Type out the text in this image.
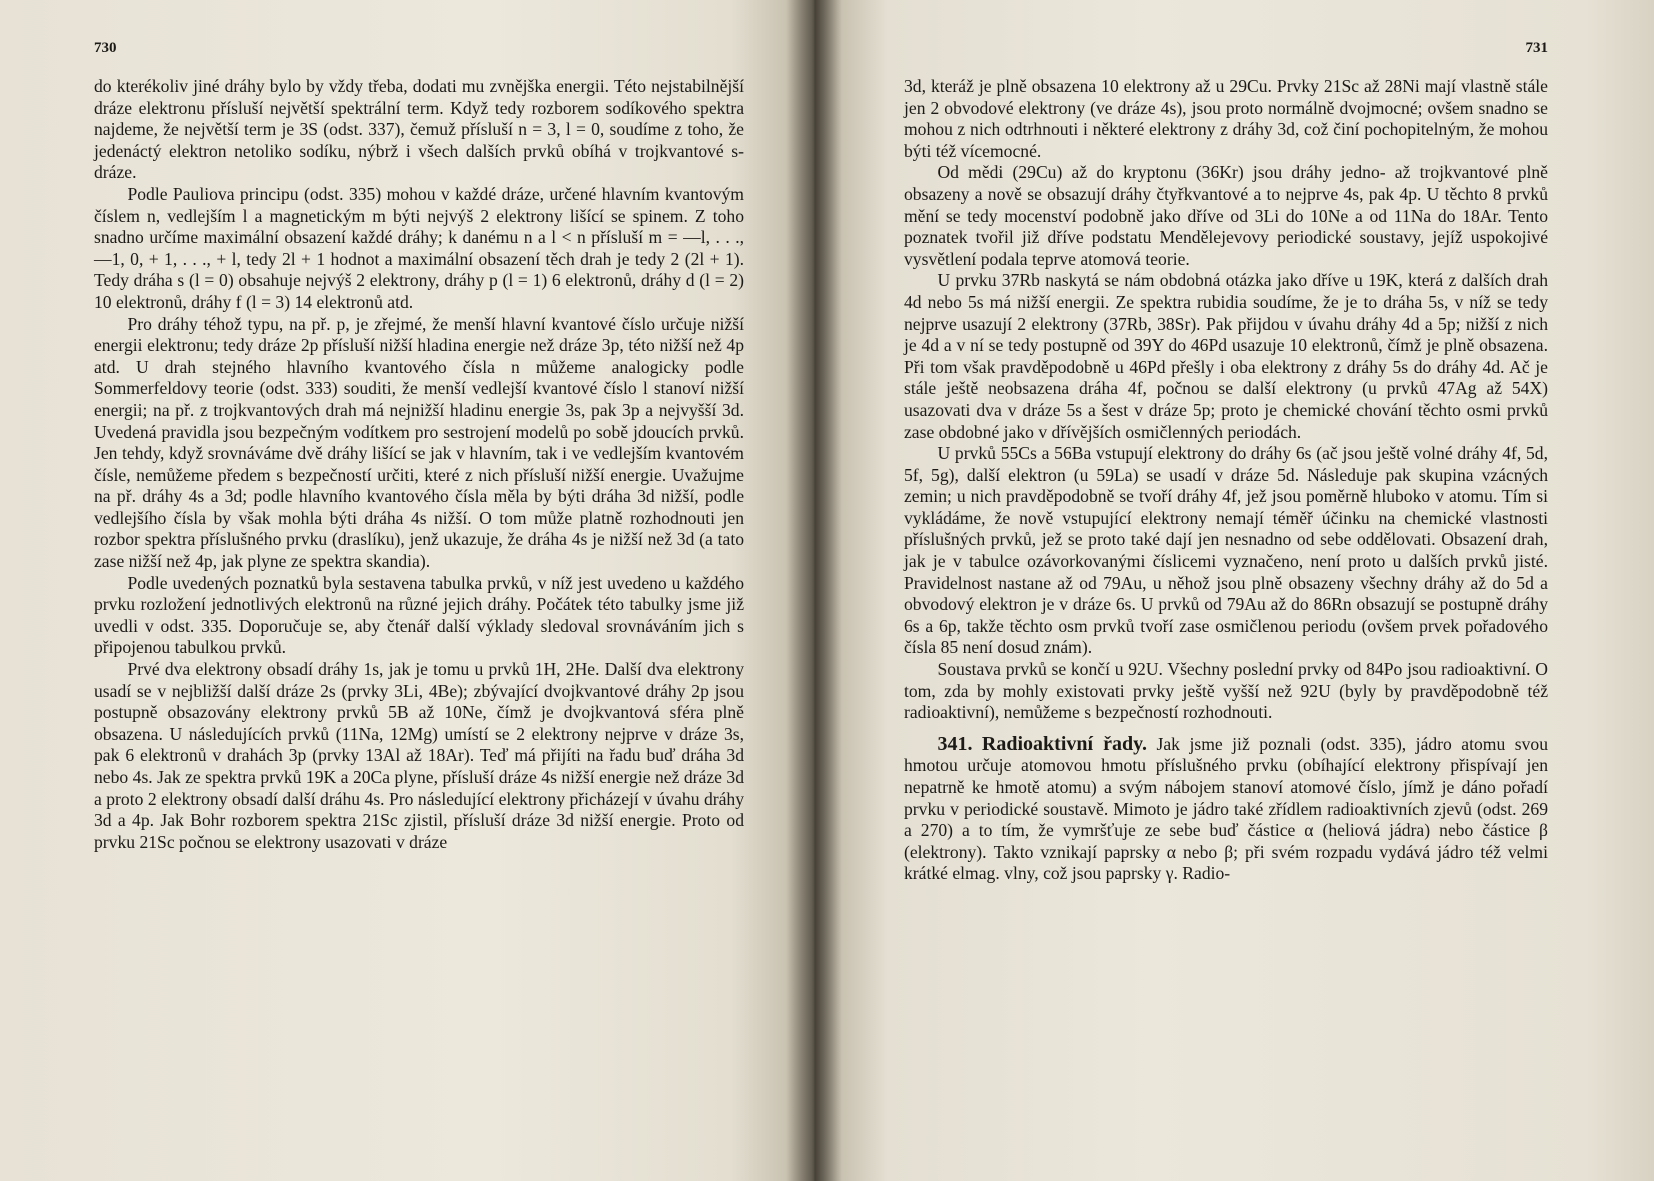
730

do kterékoliv jiné dráhy bylo by vždy třeba, dodati mu zvnějška energii. Této nejstabilnější dráze elektronu přísluší největší spektrální term. Když tedy rozborem sodíkového spektra najdeme, že největší term je 3S (odst. 337), čemuž přísluší n = 3, l = 0, soudíme z toho, že jedenáctý elektron netoliko sodíku, nýbrž i všech dalších prvků obíhá v trojkvantové s-dráze.

Podle Pauliova principu (odst. 335) mohou v každé dráze, určené hlavním kvantovým číslem n, vedlejším l a magnetickým m býti nejvýš 2 elektrony lišící se spinem. Z toho snadno určíme maximální obsazení každé dráhy; k danému n a l < n přísluší m = —l, . . ., —1, 0, + 1, . . ., + l, tedy 2l + 1 hodnot a maximální obsazení těch drah je tedy 2 (2l + 1). Tedy dráha s (l = 0) obsahuje nejvýš 2 elektrony, dráhy p (l = 1) 6 elektronů, dráhy d (l = 2) 10 elektronů, dráhy f (l = 3) 14 elektronů atd.

Pro dráhy téhož typu, na př. p, je zřejmé, že menší hlavní kvantové číslo určuje nižší energii elektronu; tedy dráze 2p přísluší nižší hladina energie než dráze 3p, této nižší než 4p atd. U drah stejného hlavního kvantového čísla n můžeme analogicky podle Sommerfeldovy teorie (odst. 333) souditi, že menší vedlejší kvantové číslo l stanoví nižší energii; na př. z trojkvantových drah má nejnižší hladinu energie 3s, pak 3p a nejvyšší 3d. Uvedená pravidla jsou bezpečným vodítkem pro sestrojení modelů po sobě jdoucích prvků. Jen tehdy, když srovnáváme dvě dráhy lišící se jak v hlavním, tak i ve vedlejším kvantovém čísle, nemůžeme předem s bezpečností určiti, které z nich přísluší nižší energie. Uvažujme na př. dráhy 4s a 3d; podle hlavního kvantového čísla měla by býti dráha 3d nižší, podle vedlejšího čísla by však mohla býti dráha 4s nižší. O tom může platně rozhodnouti jen rozbor spektra příslušného prvku (draslíku), jenž ukazuje, že dráha 4s je nižší než 3d (a tato zase nižší než 4p, jak plyne ze spektra skandia).

Podle uvedených poznatků byla sestavena tabulka prvků, v níž jest uvedeno u každého prvku rozložení jednotlivých elektronů na různé jejich dráhy. Počátek této tabulky jsme již uvedli v odst. 335. Doporučuje se, aby čtenář další výklady sledoval srovnáváním jich s připojenou tabulkou prvků.

Prvé dva elektrony obsadí dráhy 1s, jak je tomu u prvků 1H, 2He. Další dva elektrony usadí se v nejbližší další dráze 2s (prvky 3Li, 4Be); zbývající dvojkvantové dráhy 2p jsou postupně obsazovány elektrony prvků 5B až 10Ne, čímž je dvojkvantová sféra plně obsazena. U následujících prvků (11Na, 12Mg) umístí se 2 elektrony nejprve v dráze 3s, pak 6 elektronů v drahách 3p (prvky 13Al až 18Ar). Teď má přijíti na řadu buď dráha 3d nebo 4s. Jak ze spektra prvků 19K a 20Ca plyne, přísluší dráze 4s nižší energie než dráze 3d a proto 2 elektrony obsadí další dráhu 4s. Pro následující elektrony přicházejí v úvahu dráhy 3d a 4p. Jak Bohr rozborem spektra 21Sc zjistil, přísluší dráze 3d nižší energie. Proto od prvku 21Sc počnou se elektrony usazovati v dráze

731

3d, kteráž je plně obsazena 10 elektrony až u 29Cu. Prvky 21Sc až 28Ni mají vlastně stále jen 2 obvodové elektrony (ve dráze 4s), jsou proto normálně dvojmocné; ovšem snadno se mohou z nich odtrhnouti i některé elektrony z dráhy 3d, což činí pochopitelným, že mohou býti též vícemocné.

Od mědi (29Cu) až do kryptonu (36Kr) jsou dráhy jedno- až trojkvantové plně obsazeny a nově se obsazují dráhy čtyřkvantové a to nejprve 4s, pak 4p. U těchto 8 prvků mění se tedy mocenství podobně jako dříve od 3Li do 10Ne a od 11Na do 18Ar. Tento poznatek tvořil již dříve podstatu Mendělejevovy periodické soustavy, jejíž uspokojivé vysvětlení podala teprve atomová teorie.

U prvku 37Rb naskytá se nám obdobná otázka jako dříve u 19K, která z dalších drah 4d nebo 5s má nižší energii. Ze spektra rubidia soudíme, že je to dráha 5s, v níž se tedy nejprve usazují 2 elektrony (37Rb, 38Sr). Pak přijdou v úvahu dráhy 4d a 5p; nižší z nich je 4d a v ní se tedy postupně od 39Y do 46Pd usazuje 10 elektronů, čímž je plně obsazena. Při tom však pravděpodobně u 46Pd přešly i oba elektrony z dráhy 5s do dráhy 4d. Ač je stále ještě neobsazena dráha 4f, počnou se další elektrony (u prvků 47Ag až 54X) usazovati dva v dráze 5s a šest v dráze 5p; proto je chemické chování těchto osmi prvků zase obdobné jako v dřívějších osmičlenných periodách.

U prvků 55Cs a 56Ba vstupují elektrony do dráhy 6s (ač jsou ještě volné dráhy 4f, 5d, 5f, 5g), další elektron (u 59La) se usadí v dráze 5d. Následuje pak skupina vzácných zemin; u nich pravděpodobně se tvoří dráhy 4f, jež jsou poměrně hluboko v atomu. Tím si vykládáme, že nově vstupující elektrony nemají téměř účinku na chemické vlastnosti příslušných prvků, jež se proto také dají jen nesnadno od sebe oddělovati. Obsazení drah, jak je v tabulce ozávorkovanými číslicemi vyznačeno, není proto u dalších prvků jisté. Pravidelnost nastane až od 79Au, u něhož jsou plně obsazeny všechny dráhy až do 5d a obvodový elektron je v dráze 6s. U prvků od 79Au až do 86Rn obsazují se postupně dráhy 6s a 6p, takže těchto osm prvků tvoří zase osmičlenou periodu (ovšem prvek pořadového čísla 85 není dosud znám).

Soustava prvků se končí u 92U. Všechny poslední prvky od 84Po jsou radioaktivní. O tom, zda by mohly existovati prvky ještě vyšší než 92U (byly by pravděpodobně též radioaktivní), nemůžeme s bezpečností rozhodnouti.

341. Radioaktivní řady. Jak jsme již poznali (odst. 335), jádro atomu svou hmotou určuje atomovou hmotu příslušného prvku (obíhající elektrony přispívají jen nepatrně ke hmotě atomu) a svým nábojem stanoví atomové číslo, jímž je dáno pořadí prvku v periodické soustavě. Mimoto je jádro také zřídlem radioaktivních zjevů (odst. 269 a 270) a to tím, že vymršťuje ze sebe buď částice α (heliová jádra) nebo částice β (elektrony). Takto vznikají paprsky α nebo β; při svém rozpadu vydává jádro též velmi krátké elmag. vlny, což jsou paprsky γ. Radio-
